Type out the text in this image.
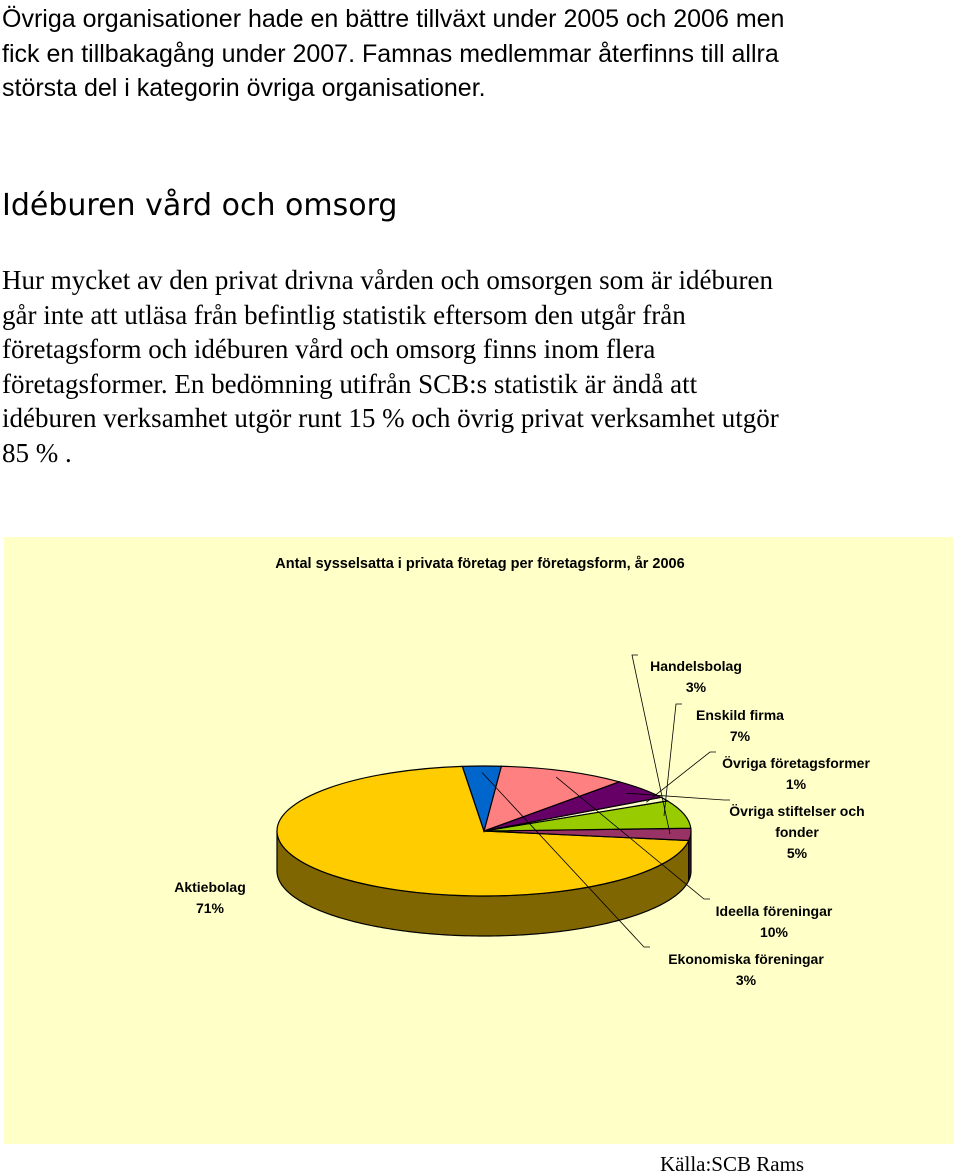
Övriga organisationer hade en bättre tillväxt under 2005 och 2006 men
fick en tillbakagång under 2007. Famnas medlemmar återfinns till allra
största del i kategorin övriga organisationer.

Idéburen vård och omsorg

Hur mycket av den privat drivna vården och omsorgen som är idéburen
går inte att utläsa från befintlig statistik eftersom den utgår från
företagsform och idéburen vård och omsorg finns inom flera
företagsformer. En bedömning utifrån SCB:s statistik är ändå att
idéburen verksamhet utgör runt 15 % och övrig privat verksamhet utgör
85 % .

Antal sysselsatta i privata företag per företagsform, år 2006
Aktiebolag 71%
Handelsbolag 3%
Enskild firma 7%
Övriga företagsformer 1%
Övriga stiftelser och fonder 5%
Ideella föreningar 10%
Ekonomiska föreningar 3%

Källa:SCB Rams
